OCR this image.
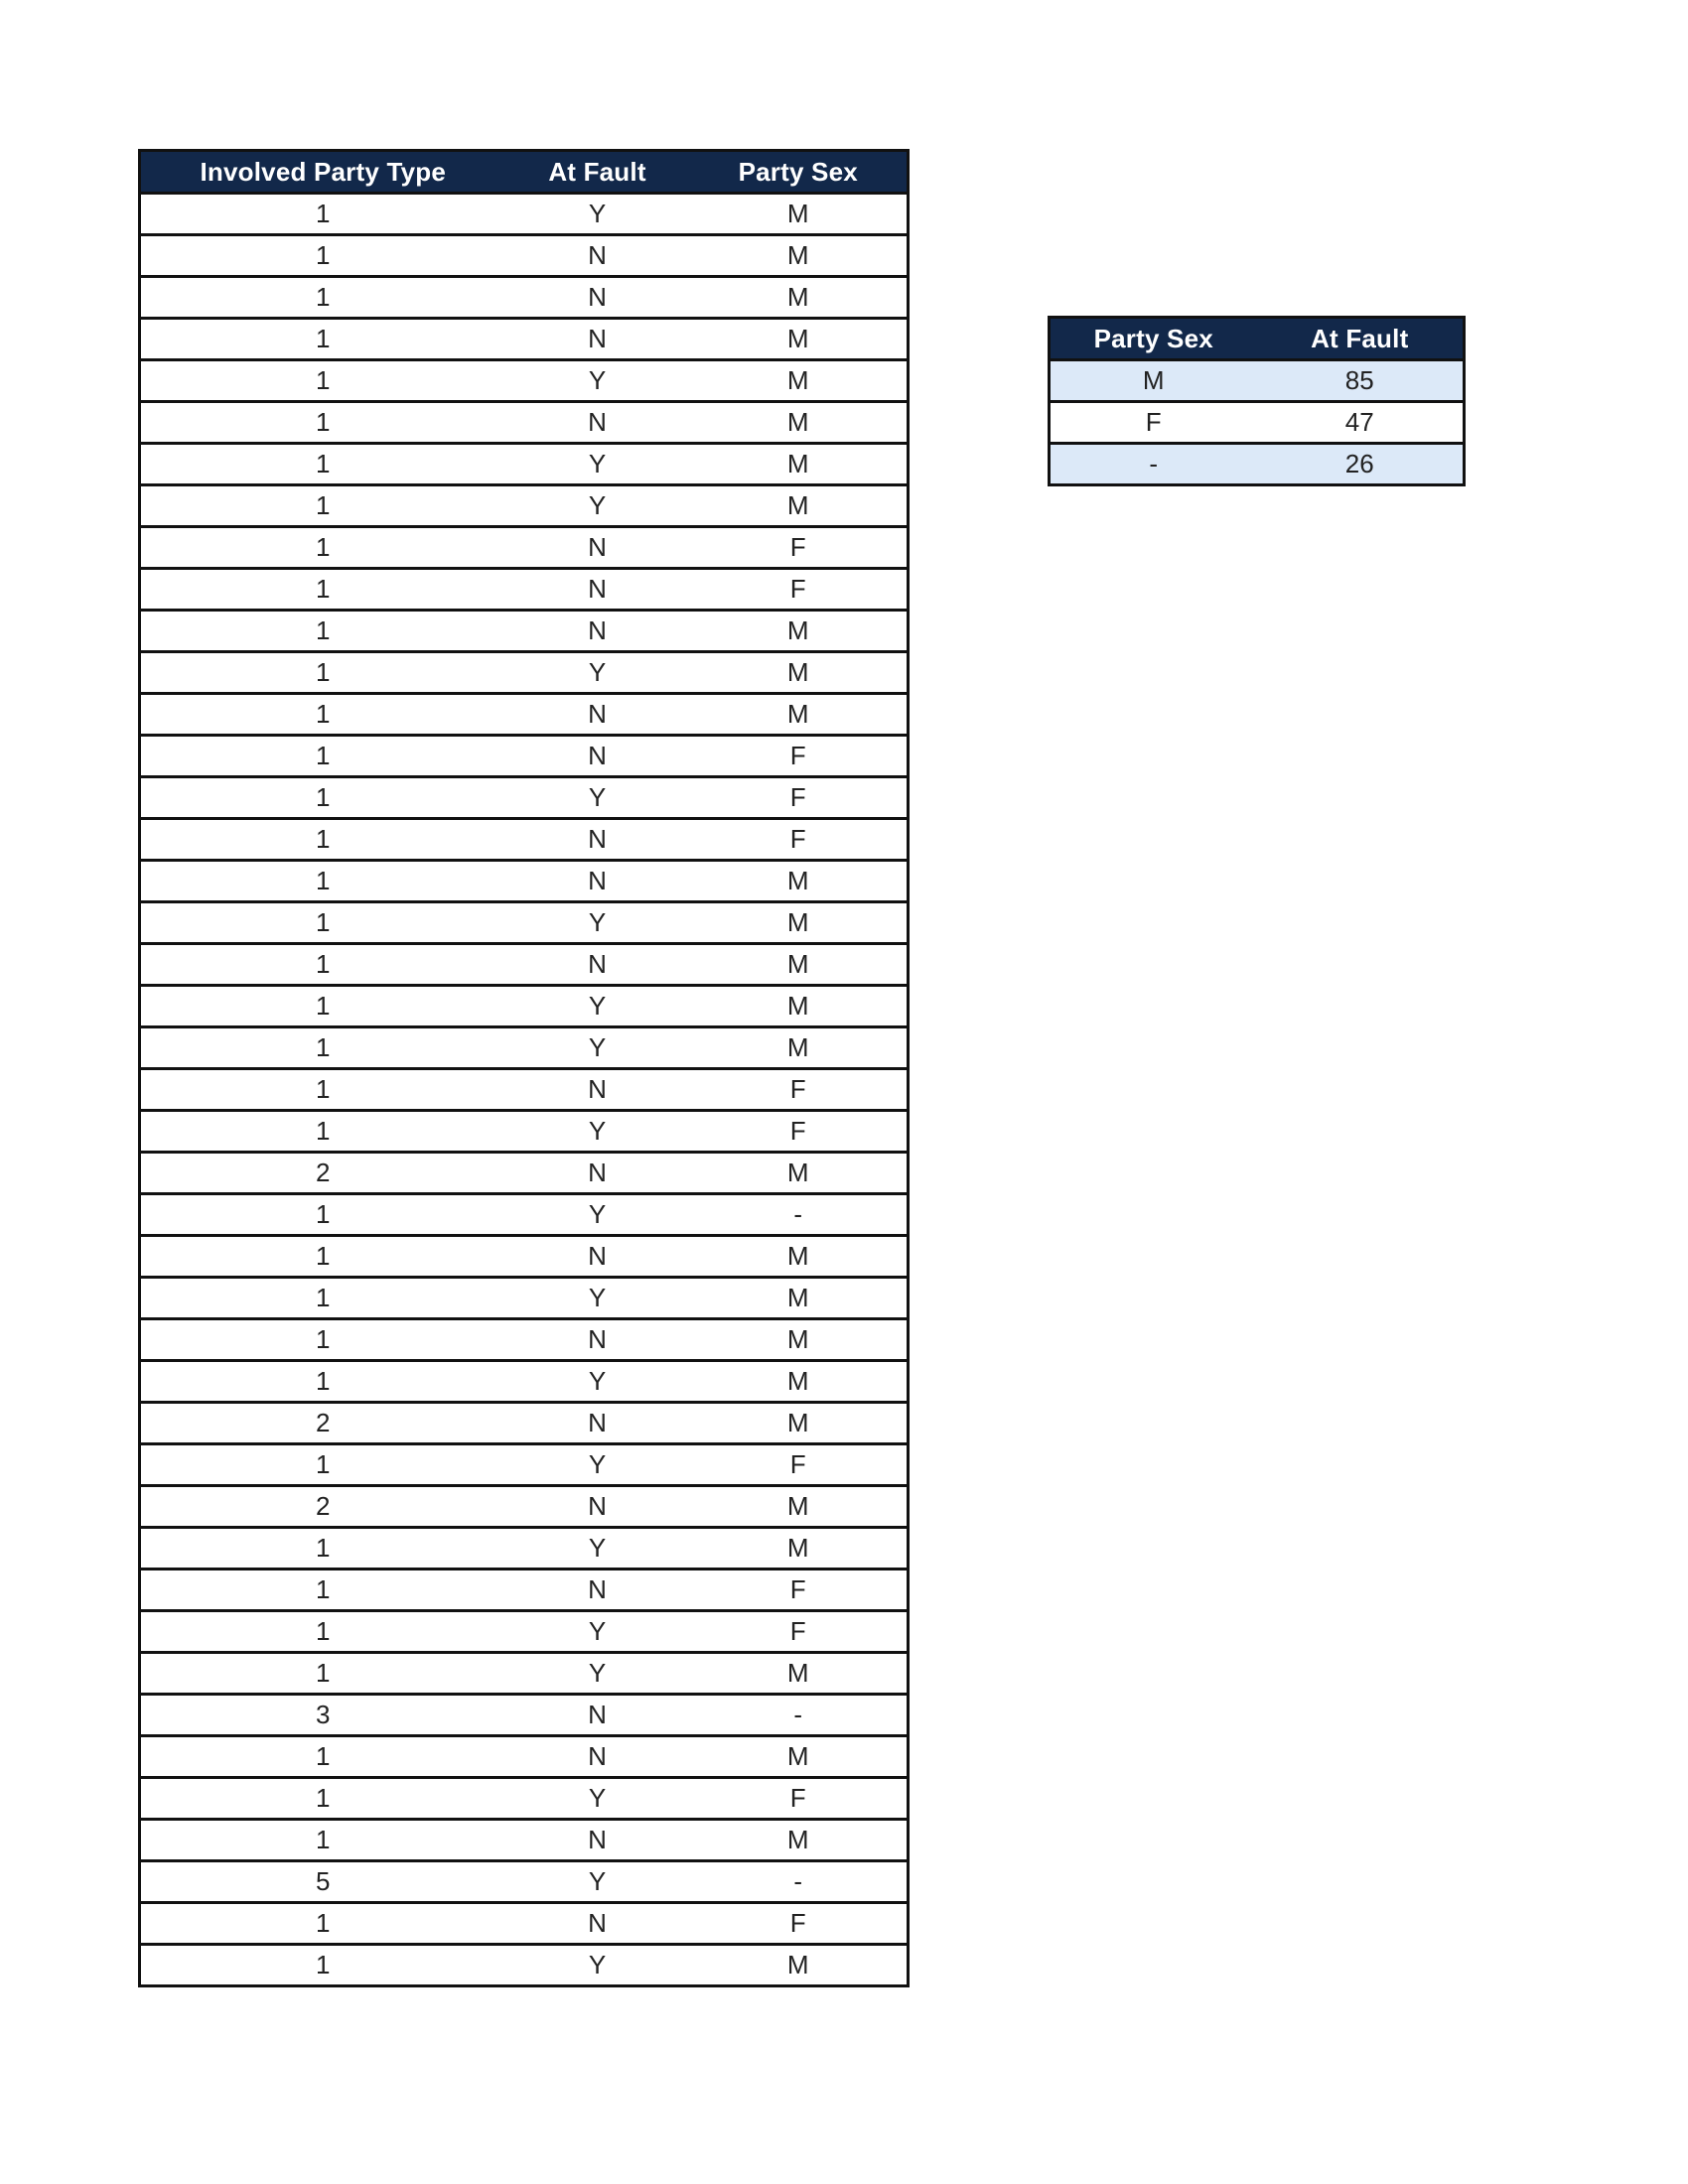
Involved Party Type	At Fault	Party Sex
1	Y	M
1	N	M
1	N	M
1	N	M
1	Y	M
1	N	M
1	Y	M
1	Y	M
1	N	F
1	N	F
1	N	M
1	Y	M
1	N	M
1	N	F
1	Y	F
1	N	F
1	N	M
1	Y	M
1	N	M
1	Y	M
1	Y	M
1	N	F
1	Y	F
2	N	M
1	Y	-
1	N	M
1	Y	M
1	N	M
1	Y	M
2	N	M
1	Y	F
2	N	M
1	Y	M
1	N	F
1	Y	F
1	Y	M
3	N	-
1	N	M
1	Y	F
1	N	M
5	Y	-
1	N	F
1	Y	M
Party Sex	At Fault
M	85
F	47
-	26
